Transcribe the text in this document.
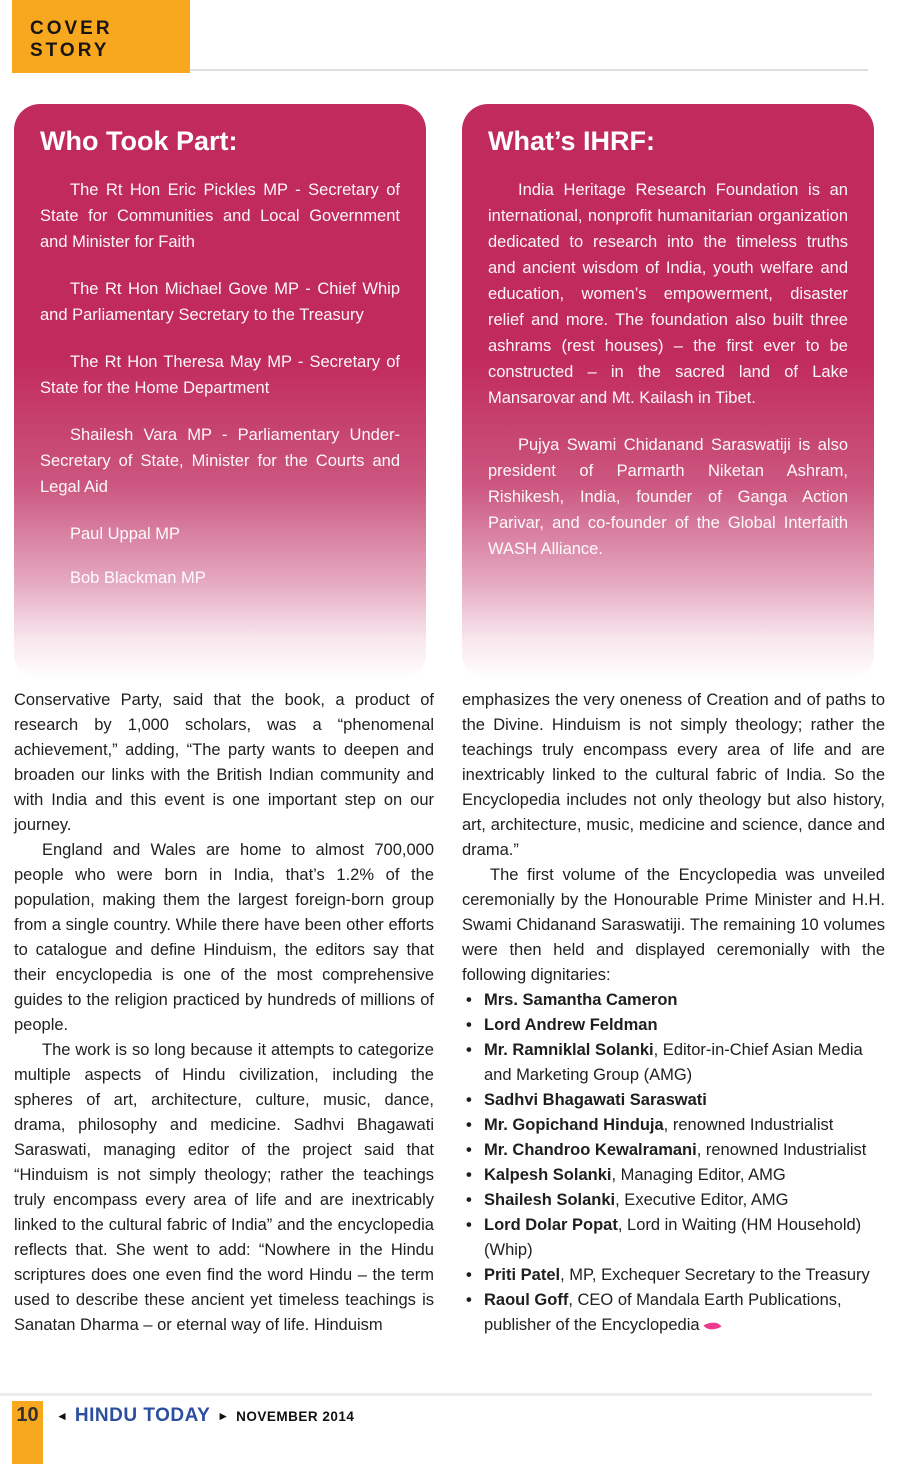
COVER STORY
Who Took Part:

The Rt Hon Eric Pickles MP - Secretary of State for Communities and Local Government and Minister for Faith

The Rt Hon Michael Gove MP - Chief Whip and Parliamentary Secretary to the Treasury

The Rt Hon Theresa May MP - Secretary of State for the Home Department

Shailesh Vara MP - Parliamentary Under-Secretary of State, Minister for the Courts and Legal Aid

Paul Uppal MP

Bob Blackman MP

What’s IHRF:

India Heritage Research Foundation is an international, nonprofit humanitarian organization dedicated to research into the timeless truths and ancient wisdom of India, youth welfare and education, women’s empowerment, disaster relief and more. The foundation also built three ashrams (rest houses) – the first ever to be constructed – in the sacred land of Lake Mansarovar and Mt. Kailash in Tibet.

Pujya Swami Chidanand Saraswatiji is also president of Parmarth Niketan Ashram, Rishikesh, India, founder of Ganga Action Parivar, and co-founder of the Global Interfaith WASH Alliance.

Conservative Party, said that the book, a product of research by 1,000 scholars, was a “phenomenal achievement,” adding, “The party wants to deepen and broaden our links with the British Indian community and with India and this event is one important step on our journey.

England and Wales are home to almost 700,000 people who were born in India, that’s 1.2% of the population, making them the largest foreign-born group from a single country. While there have been other efforts to catalogue and define Hinduism, the editors say that their encyclopedia is one of the most comprehensive guides to the religion practiced by hundreds of millions of people.

The work is so long because it attempts to categorize multiple aspects of Hindu civilization, including the spheres of art, architecture, culture, music, dance, drama, philosophy and medicine. Sadhvi Bhagawati Saraswati, managing editor of the project said that “Hinduism is not simply theology; rather the teachings truly encompass every area of life and are inextricably linked to the cultural fabric of India” and the encyclopedia reflects that. She went to add: “Nowhere in the Hindu scriptures does one even find the word Hindu – the term used to describe these ancient yet timeless teachings is Sanatan Dharma – or eternal way of life. Hinduism

emphasizes the very oneness of Creation and of paths to the Divine. Hinduism is not simply theology; rather the teachings truly encompass every area of life and are inextricably linked to the cultural fabric of India. So the Encyclopedia includes not only theology but also history, art, architecture, music, medicine and science, dance and drama.”

The first volume of the Encyclopedia was unveiled ceremonially by the Honourable Prime Minister and H.H. Swami Chidanand Saraswatiji. The remaining 10 volumes were then held and displayed ceremonially with the following dignitaries:

• Mrs. Samantha Cameron
• Lord Andrew Feldman
• Mr. Ramniklal Solanki, Editor-in-Chief Asian Media and Marketing Group (AMG)
• Sadhvi Bhagawati Saraswati
• Mr. Gopichand Hinduja, renowned Industrialist
• Mr. Chandroo Kewalramani, renowned Industrialist
• Kalpesh Solanki, Managing Editor, AMG
• Shailesh Solanki, Executive Editor, AMG
• Lord Dolar Popat, Lord in Waiting (HM Household) (Whip)
• Priti Patel, MP, Exchequer Secretary to the Treasury
• Raoul Goff, CEO of Mandala Earth Publications, publisher of the Encyclopedia
10	◄ HINDU TODAY ► NOVEMBER 2014
